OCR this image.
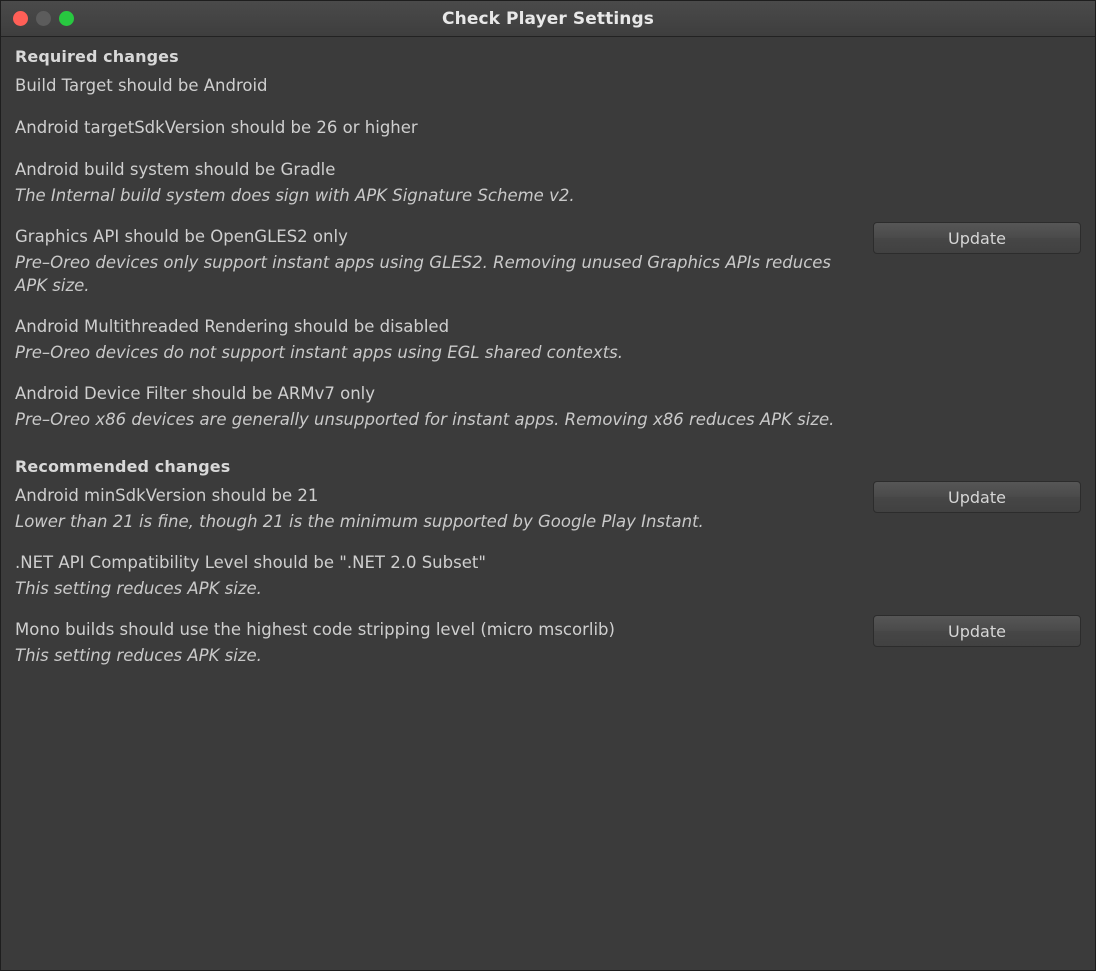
Check Player Settings
Required changes
Build Target should be Android
Android targetSdkVersion should be 26 or higher
Android build system should be Gradle
The Internal build system does sign with APK Signature Scheme v2.
Graphics API should be OpenGLES2 only
Pre–Oreo devices only support instant apps using GLES2. Removing unused Graphics APIs reduces APK size.
Update
Android Multithreaded Rendering should be disabled
Pre–Oreo devices do not support instant apps using EGL shared contexts.
Android Device Filter should be ARMv7 only
Pre–Oreo x86 devices are generally unsupported for instant apps. Removing x86 reduces APK size.
Recommended changes
Android minSdkVersion should be 21
Lower than 21 is fine, though 21 is the minimum supported by Google Play Instant.
Update
.NET API Compatibility Level should be ".NET 2.0 Subset"
This setting reduces APK size.
Mono builds should use the highest code stripping level (micro mscorlib)
This setting reduces APK size.
Update
